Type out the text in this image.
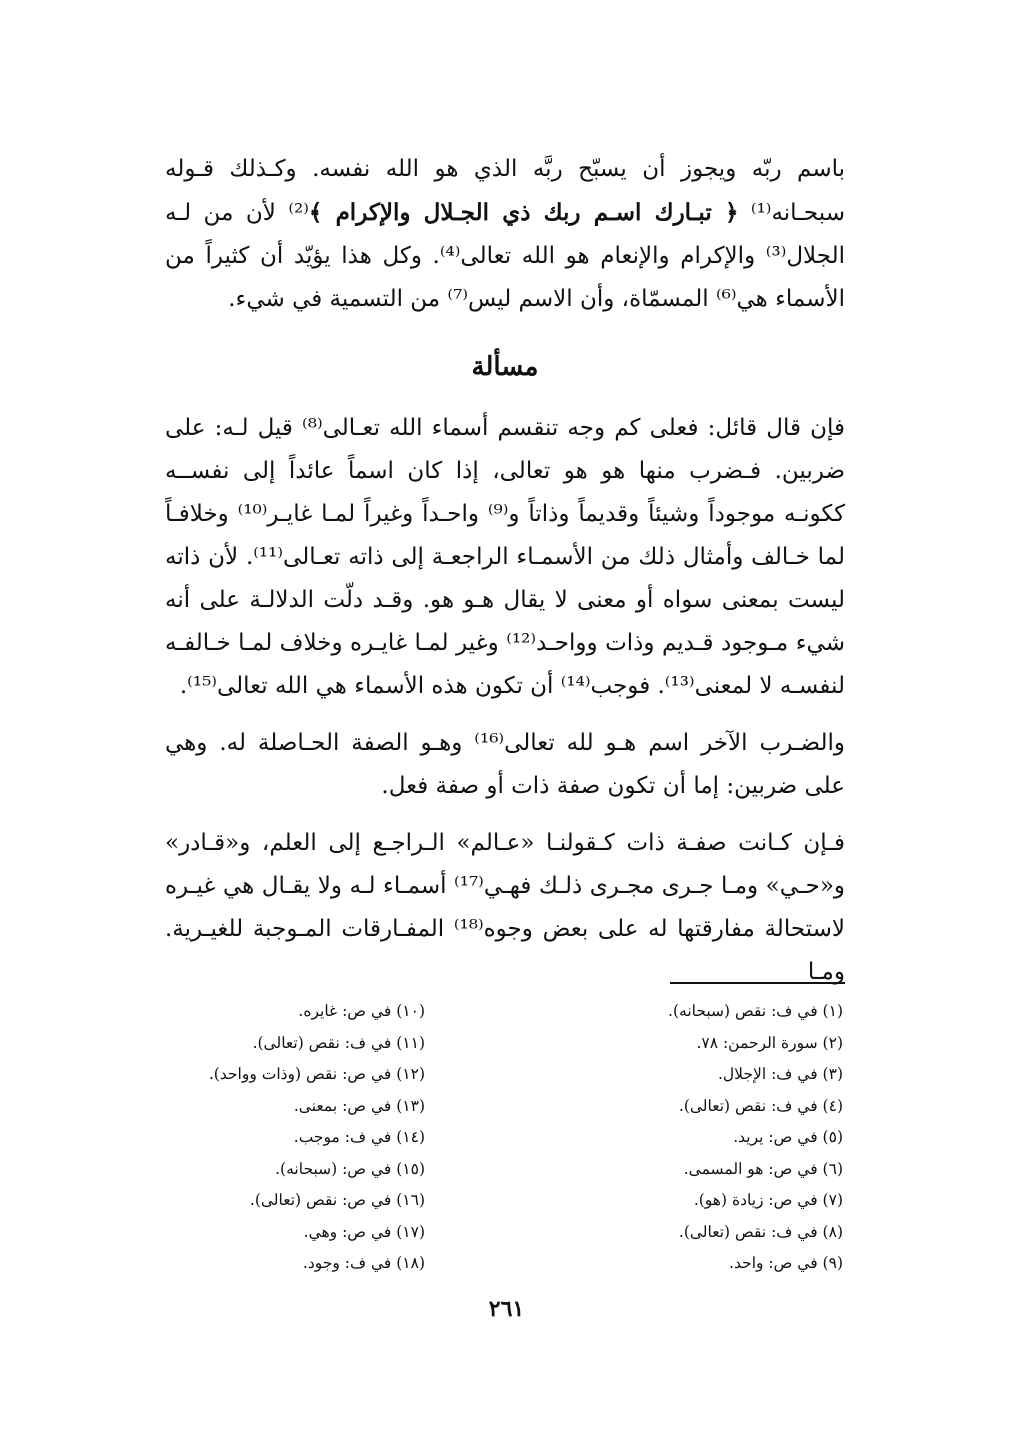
باسم ربّه ويجوز أن يسبّح ربَّه الذي هو الله نفسه. وكـذلك قـوله سبحـانه⁽¹⁾ ﴿ تبـارك اسـم ربك ذي الجـلال والإكرام ﴾⁽²⁾ لأن من لـه الجلال⁽³⁾ والإكرام والإنعام هو الله تعالى⁽⁴⁾. وكل هذا يؤيّد أن كثيراً من الأسماء هي⁽⁶⁾ المسمّاة، وأن الاسم ليس⁽⁷⁾ من التسمية في شيء.

مسألة

فإن قال قائل: فعلى كم وجه تنقسم أسماء الله تعـالى⁽⁸⁾ قيل لـه: على ضربين. فـضرب منها هو هو تعالى، إذا كان اسماً عائداً إلى نفســه ككونـه موجوداً وشيئاً وقديماً وذاتاً و⁽⁹⁾ واحـداً وغيراً لمـا غايـر⁽¹⁰⁾ وخلافـاً لما خـالف وأمثال ذلك من الأسمـاء الراجعـة إلى ذاته تعـالى⁽¹¹⁾. لأن ذاته ليست بمعنى سواه أو معنى لا يقال هـو هو. وقـد دلّت الدلالـة على أنه شيء مـوجود قـديم وذات وواحـد⁽¹²⁾ وغير لمـا غايـره وخلاف لمـا خـالفـه لنفسـه لا لمعنى⁽¹³⁾. فوجب⁽¹⁴⁾ أن تكون هذه الأسماء هي الله تعالى⁽¹⁵⁾.

والضـرب الآخر اسم هـو لله تعالى⁽¹⁶⁾ وهـو الصفة الحـاصلة له. وهي على ضربين: إما أن تكون صفة ذات أو صفة فعل.

فـإن كـانت صفـة ذات كـقولنـا «عـالم» الـراجـع إلى العلم، و«قـادر» و«حـي» ومـا جـرى مجـرى ذلـك فهـي⁽¹⁷⁾ أسمـاء لـه ولا يقـال هي غيـره لاستحالة مفارقتها له على بعض وجوه⁽¹⁸⁾ المفـارقات المـوجبة للغيـرية. ومـا

(١) في ف: نقص (سبحانه).
(٢) سورة الرحمن: ٧٨.
(٣) في ف: الإجلال.
(٤) في ف: نقص (تعالى).
(٥) في ص: يريد.
(٦) في ص: هو المسمى.
(٧) في ص: زيادة (هو).
(٨) في ف: نقص (تعالى).
(٩) في ص: واحد.
(١٠) في ص: غايره.
(١١) في ف: نقص (تعالى).
(١٢) في ص: نقص (وذات وواحد).
(١٣) في ص: بمعنى.
(١٤) في ف: موجب.
(١٥) في ص: (سبحانه).
(١٦) في ص: نقص (تعالى).
(١٧) في ص: وهي.
(١٨) في ف: وجود.
٢٦١
